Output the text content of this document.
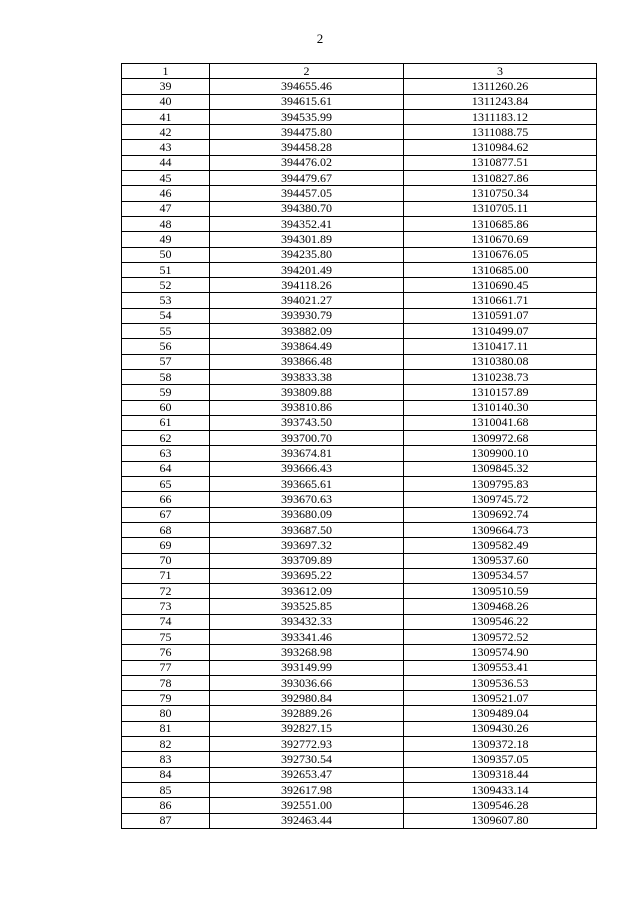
2
1	2	3
39	394655.46	1311260.26
40	394615.61	1311243.84
41	394535.99	1311183.12
42	394475.80	1311088.75
43	394458.28	1310984.62
44	394476.02	1310877.51
45	394479.67	1310827.86
46	394457.05	1310750.34
47	394380.70	1310705.11
48	394352.41	1310685.86
49	394301.89	1310670.69
50	394235.80	1310676.05
51	394201.49	1310685.00
52	394118.26	1310690.45
53	394021.27	1310661.71
54	393930.79	1310591.07
55	393882.09	1310499.07
56	393864.49	1310417.11
57	393866.48	1310380.08
58	393833.38	1310238.73
59	393809.88	1310157.89
60	393810.86	1310140.30
61	393743.50	1310041.68
62	393700.70	1309972.68
63	393674.81	1309900.10
64	393666.43	1309845.32
65	393665.61	1309795.83
66	393670.63	1309745.72
67	393680.09	1309692.74
68	393687.50	1309664.73
69	393697.32	1309582.49
70	393709.89	1309537.60
71	393695.22	1309534.57
72	393612.09	1309510.59
73	393525.85	1309468.26
74	393432.33	1309546.22
75	393341.46	1309572.52
76	393268.98	1309574.90
77	393149.99	1309553.41
78	393036.66	1309536.53
79	392980.84	1309521.07
80	392889.26	1309489.04
81	392827.15	1309430.26
82	392772.93	1309372.18
83	392730.54	1309357.05
84	392653.47	1309318.44
85	392617.98	1309433.14
86	392551.00	1309546.28
87	392463.44	1309607.80
